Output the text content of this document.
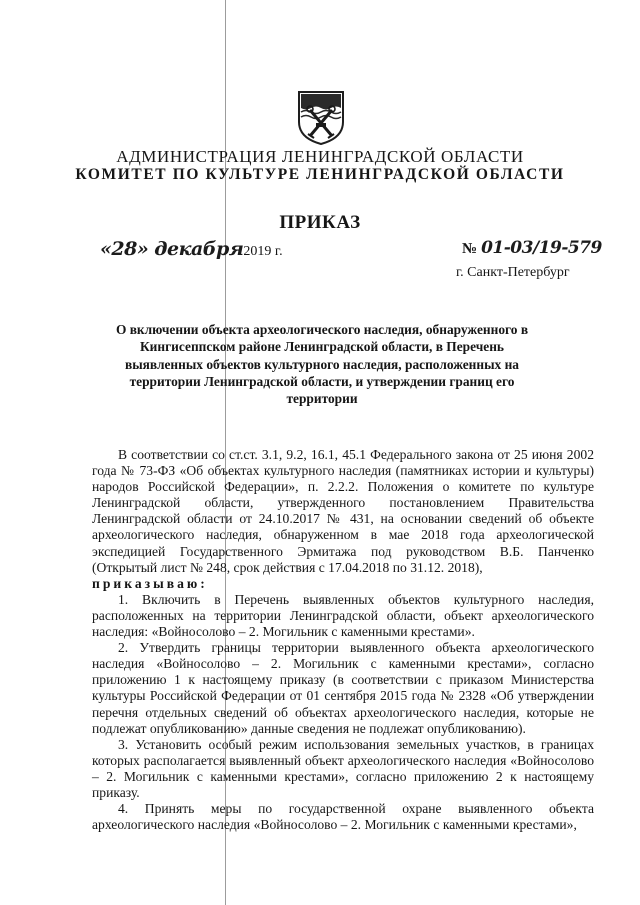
АДМИНИСТРАЦИЯ ЛЕНИНГРАДСКОЙ ОБЛАСТИ
КОМИТЕТ ПО КУЛЬТУРЕ ЛЕНИНГРАДСКОЙ ОБЛАСТИ
ПРИКАЗ
«28» декабря2019 г.	№ 01-03/19-579
г. Санкт-Петербург
О включении объекта археологического наследия, обнаруженного в Кингисеппском районе Ленинградской области, в Перечень выявленных объектов культурного наследия, расположенных на территории Ленинградской области, и утверждении границ его территории

В соответствии со ст.ст. 3.1, 9.2, 16.1, 45.1 Федерального закона от 25 июня 2002 года № 73-ФЗ «Об объектах культурного наследия (памятниках истории и культуры) народов Российской Федерации», п. 2.2.2. Положения о комитете по культуре Ленинградской области, утвержденного постановлением Правительства Ленинградской области от 24.10.2017 № 431, на основании сведений об объекте археологического наследия, обнаруженном в мае 2018 года археологической экспедицией Государственного Эрмитажа под руководством В.Б. Панченко (Открытый лист № 248, срок действия с 17.04.2018 по 31.12. 2018),

приказываю:

1. Включить в Перечень выявленных объектов культурного наследия, расположенных на территории Ленинградской области, объект археологического наследия: «Войносолово – 2. Могильник с каменными крестами».

2. Утвердить границы территории выявленного объекта археологического наследия «Войносолово – 2. Могильник с каменными крестами», согласно приложению 1 к настоящему приказу (в соответствии с приказом Министерства культуры Российской Федерации от 01 сентября 2015 года № 2328 «Об утверждении перечня отдельных сведений об объектах археологического наследия, которые не подлежат опубликованию» данные сведения не подлежат опубликованию).

3. Установить особый режим использования земельных участков, в границах которых располагается выявленный объект археологического наследия «Войносолово – 2. Могильник с каменными крестами», согласно приложению 2 к настоящему приказу.

4. Принять меры по государственной охране выявленного объекта археологического наследия «Войносолово – 2. Могильник с каменными крестами»,
